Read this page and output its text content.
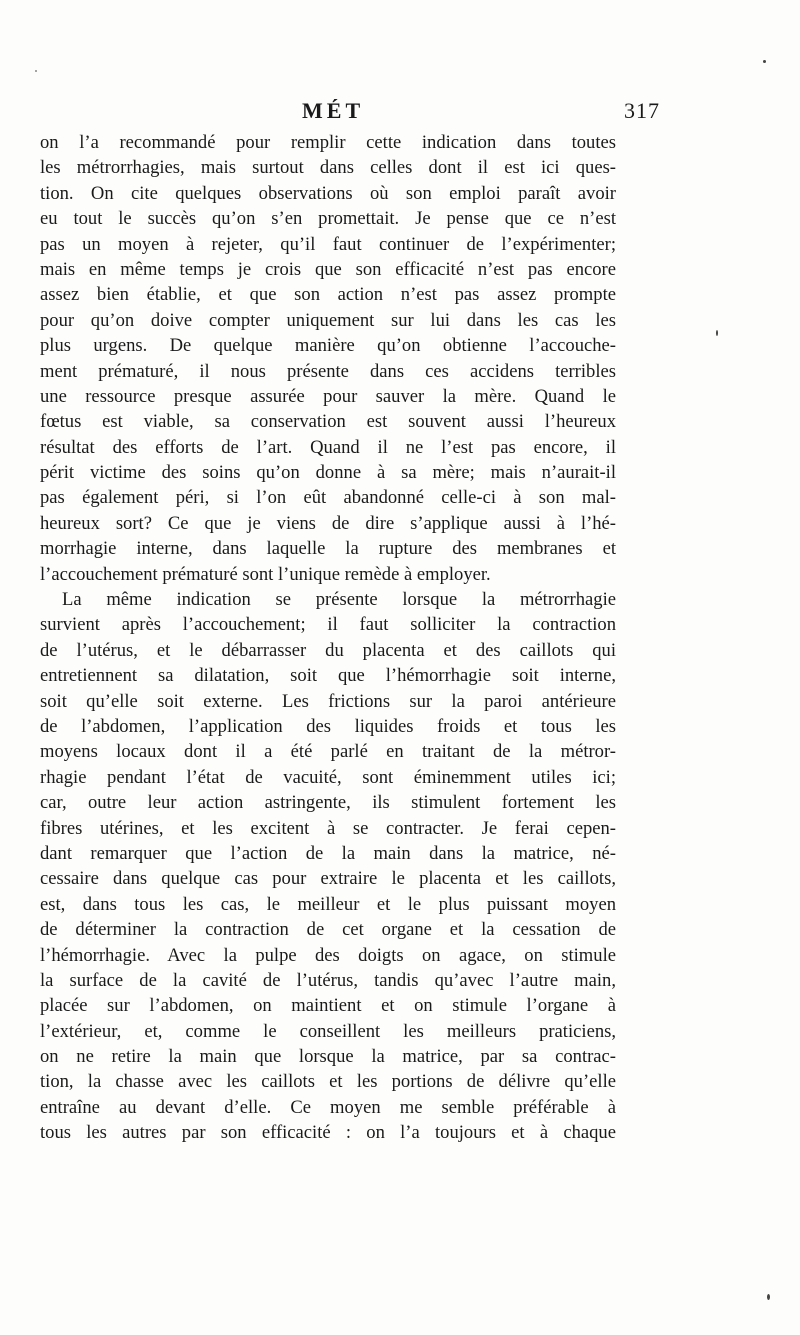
MÉT	317
on l’a recommandé pour remplir cette indication dans toutes
les métrorrhagies, mais surtout dans celles dont il est ici ques-
tion. On cite quelques observations où son emploi paraît avoir
eu tout le succès qu’on s’en promettait. Je pense que ce n’est
pas un moyen à rejeter, qu’il faut continuer de l’expérimenter;
mais en même temps je crois que son efficacité n’est pas encore
assez bien établie, et que son action n’est pas assez prompte
pour qu’on doive compter uniquement sur lui dans les cas les
plus urgens. De quelque manière qu’on obtienne l’accouche-
ment prématuré, il nous présente dans ces accidens terribles
une ressource presque assurée pour sauver la mère. Quand le
fœtus est viable, sa conservation est souvent aussi l’heureux
résultat des efforts de l’art. Quand il ne l’est pas encore, il
périt victime des soins qu’on donne à sa mère; mais n’aurait-il
pas également péri, si l’on eût abandonné celle-ci à son mal-
heureux sort? Ce que je viens de dire s’applique aussi à l’hé-
morrhagie interne, dans laquelle la rupture des membranes et
l’accouchement prématuré sont l’unique remède à employer.
La même indication se présente lorsque la métrorrhagie
survient après l’accouchement; il faut solliciter la contraction
de l’utérus, et le débarrasser du placenta et des caillots qui
entretiennent sa dilatation, soit que l’hémorrhagie soit interne,
soit qu’elle soit externe. Les frictions sur la paroi antérieure
de l’abdomen, l’application des liquides froids et tous les
moyens locaux dont il a été parlé en traitant de la métror-
rhagie pendant l’état de vacuité, sont éminemment utiles ici;
car, outre leur action astringente, ils stimulent fortement les
fibres utérines, et les excitent à se contracter. Je ferai cepen-
dant remarquer que l’action de la main dans la matrice, né-
cessaire dans quelque cas pour extraire le placenta et les caillots,
est, dans tous les cas, le meilleur et le plus puissant moyen
de déterminer la contraction de cet organe et la cessation de
l’hémorrhagie. Avec la pulpe des doigts on agace, on stimule
la surface de la cavité de l’utérus, tandis qu’avec l’autre main,
placée sur l’abdomen, on maintient et on stimule l’organe à
l’extérieur, et, comme le conseillent les meilleurs praticiens,
on ne retire la main que lorsque la matrice, par sa contrac-
tion, la chasse avec les caillots et les portions de délivre qu’elle
entraîne au devant d’elle. Ce moyen me semble préférable à
tous les autres par son efficacité : on l’a toujours et à chaque
